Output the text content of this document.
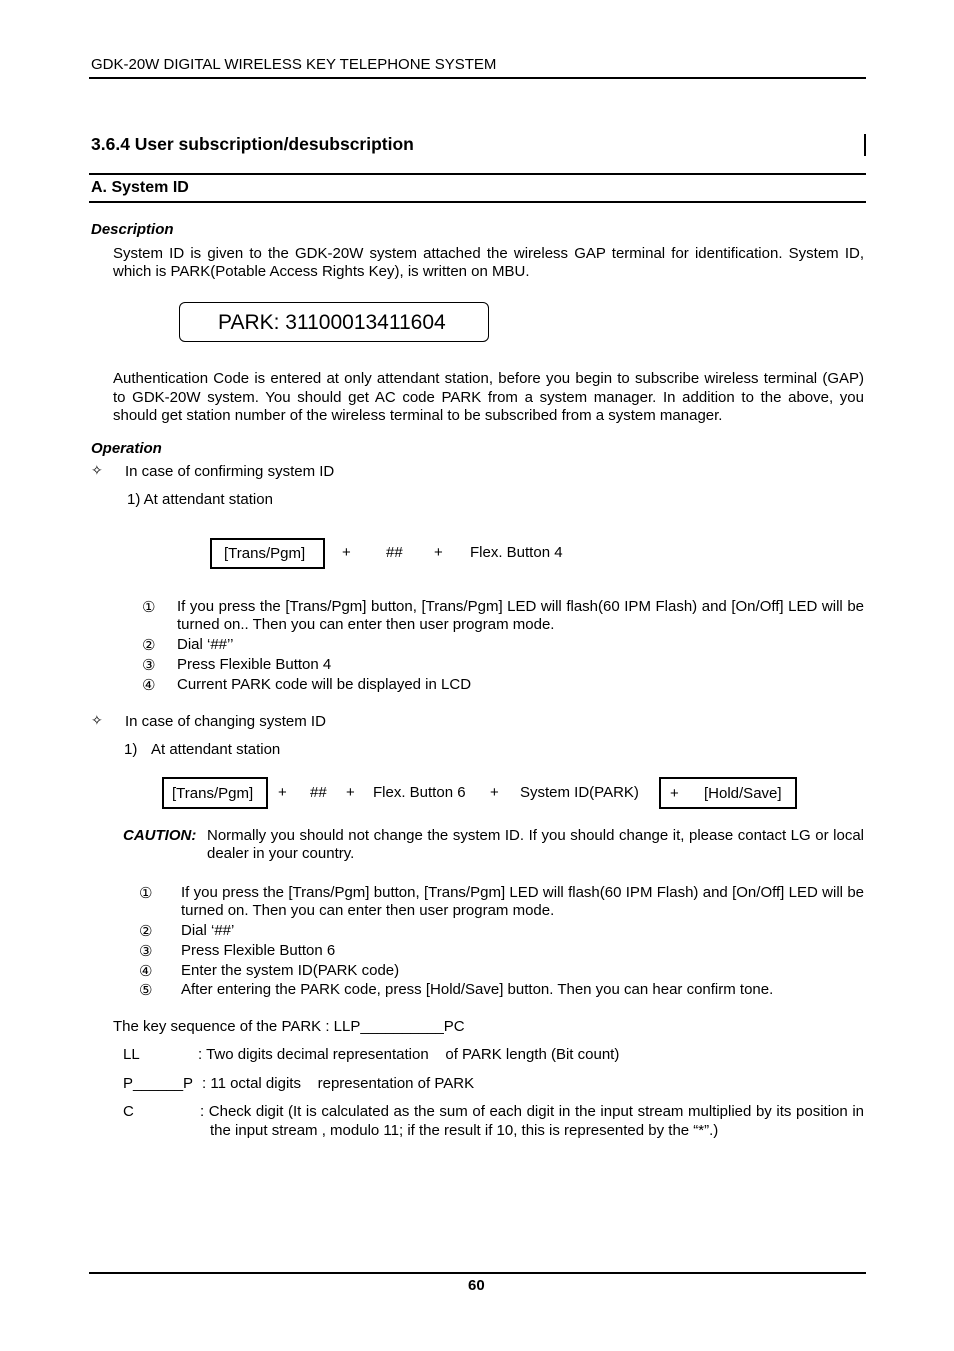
GDK-20W DIGITAL WIRELESS KEY TELEPHONE SYSTEM
3.6.4 User subscription/desubscription
A. System ID
Description
System ID is given to the GDK-20W system attached the wireless GAP terminal for identification. System ID, which is PARK(Potable Access Rights Key), is written on MBU.
PARK: 31100013411604
Authentication Code is entered at only attendant station, before you begin to subscribe wireless terminal (GAP) to GDK-20W system. You should get AC code PARK from a system manager. In addition to the above, you should get station number of the wireless terminal to be subscribed from a system manager.
Operation
✧ In case of confirming system ID
1) At attendant station
[Trans/Pgm] + ## + Flex. Button 4
① If you press the [Trans/Pgm] button, [Trans/Pgm] LED will flash(60 IPM Flash) and [On/Off] LED will be turned on.. Then you can enter then user program mode.
② Dial ‘##’’
③ Press Flexible Button 4
④ Current PARK code will be displayed in LCD
✧ In case of changing system ID
1) At attendant station
[Trans/Pgm] + ## + Flex. Button 6 + System ID(PARK) + [Hold/Save]
CAUTION: Normally you should not change the system ID. If you should change it, please contact LG or local dealer in your country.
① If you press the [Trans/Pgm] button, [Trans/Pgm] LED will flash(60 IPM Flash) and [On/Off] LED will be turned on. Then you can enter then user program mode.
② Dial ‘##’
③ Press Flexible Button 6
④ Enter the system ID(PARK code)
⑤ After entering the PARK code, press [Hold/Save] button. Then you can hear confirm tone.
The key sequence of the PARK : LLP__________PC
LL	: Two digits decimal representation    of PARK length (Bit count)
P______P : 11 octal digits    representation of PARK
C	: Check digit (It is calculated as the sum of each digit in the input stream multiplied by its position in the input stream , modulo 11; if the result if 10, this is represented by the “*”.)
60
